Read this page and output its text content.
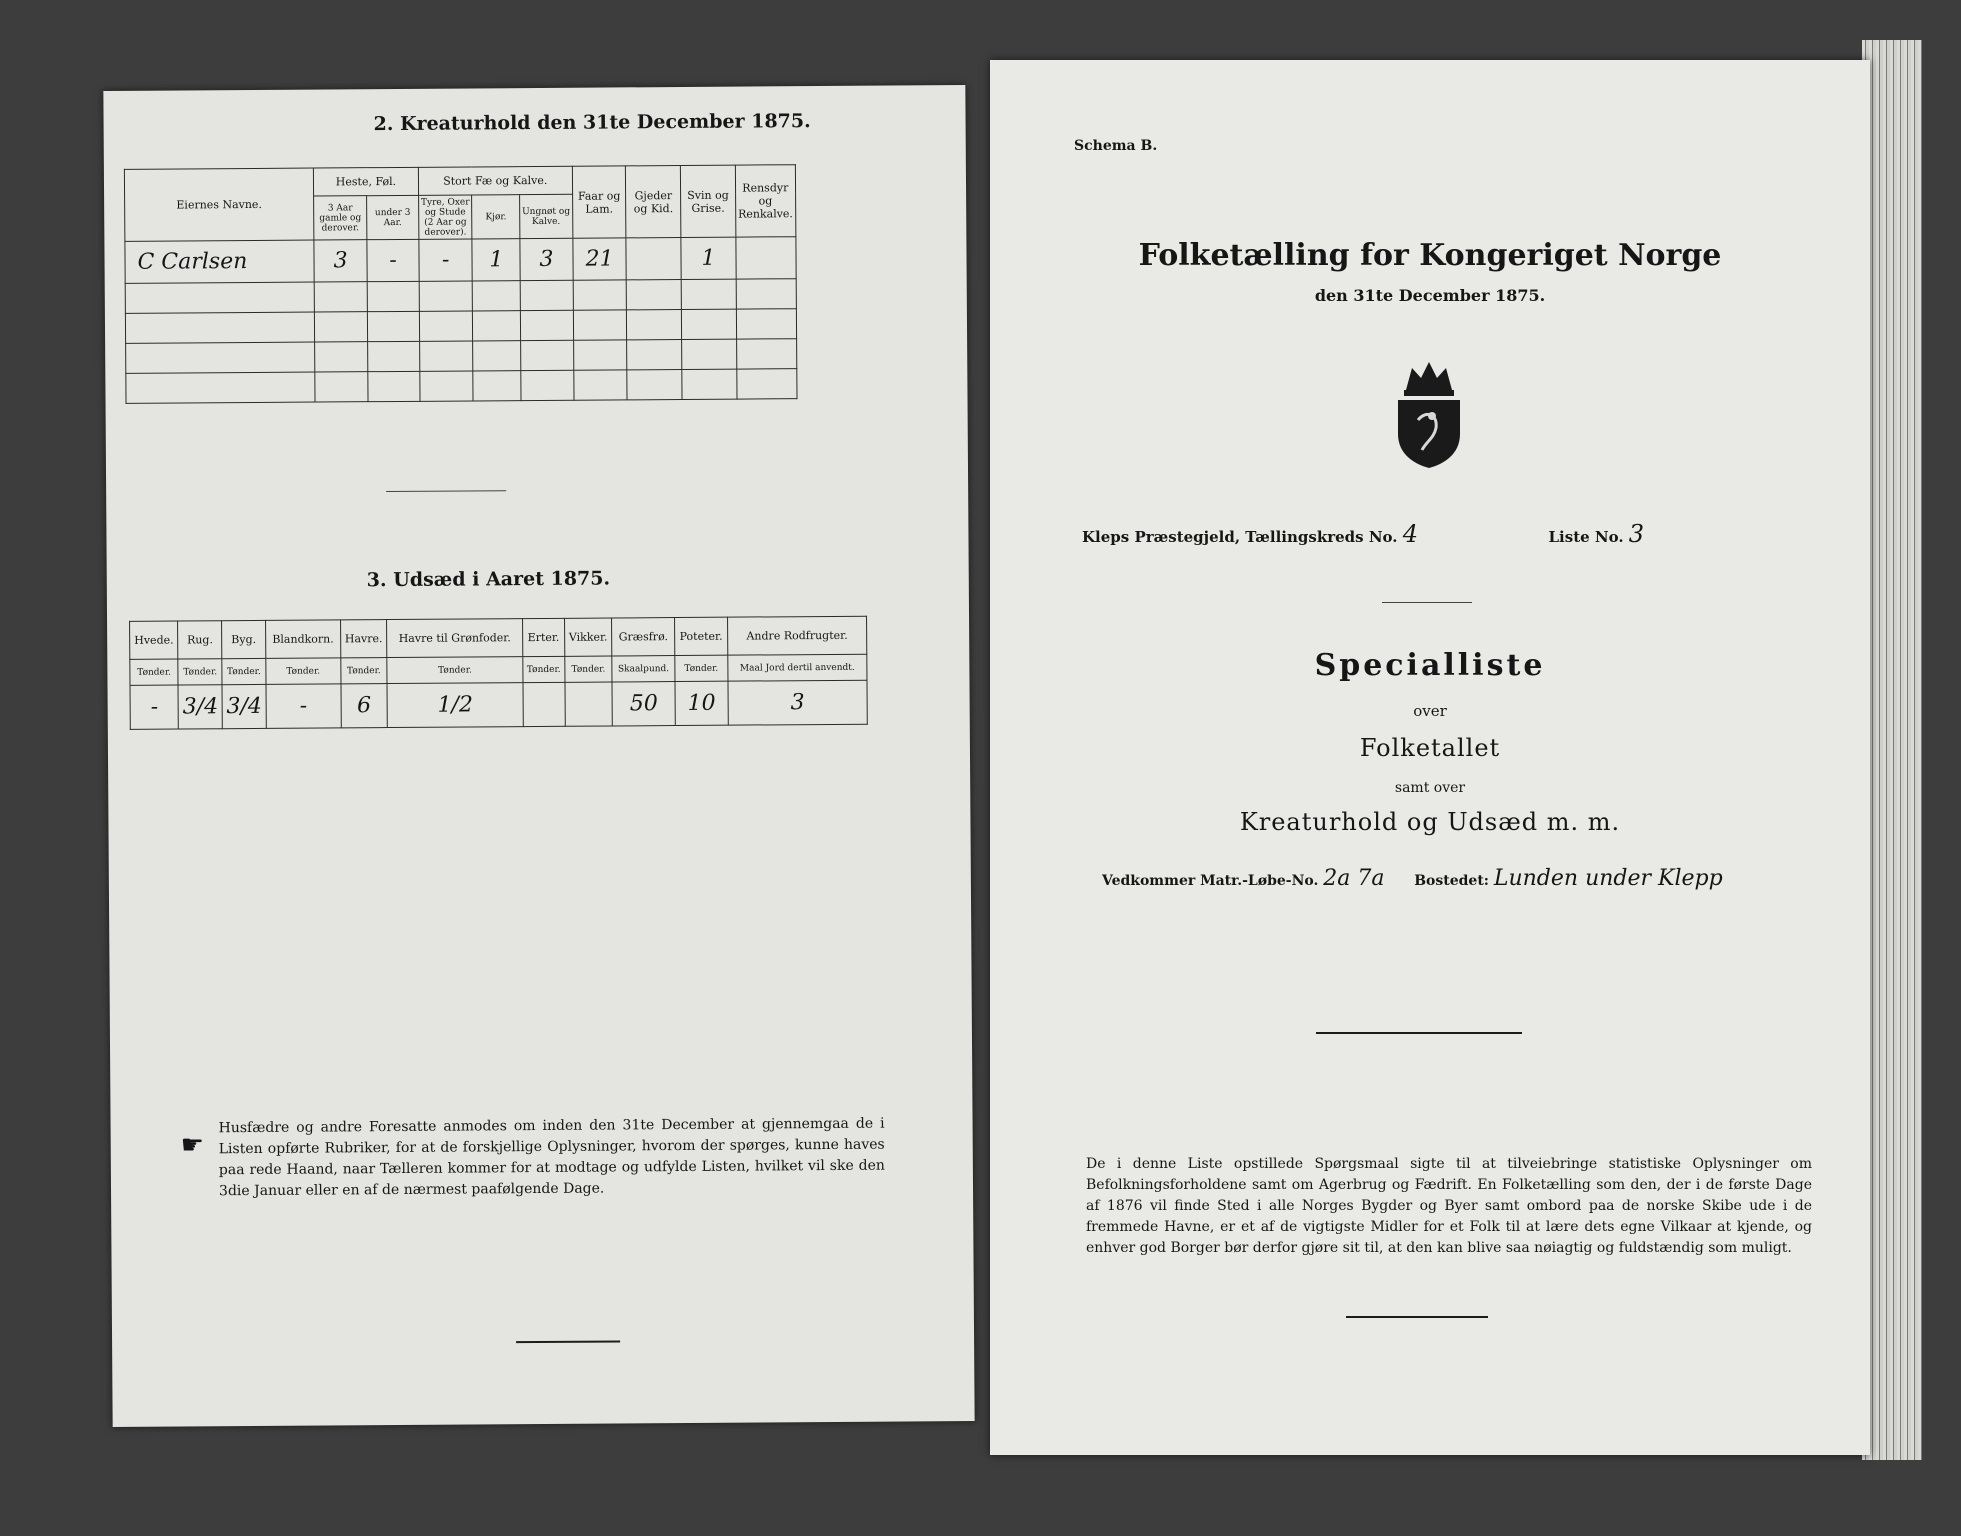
2. Kreaturhold den 31te December 1875.
Eiernes Navne.	Heste, Føl.		Stort Fæ og Kalve.			Faar og Lam.	Gjeder og Kid.	Svin og Grise.	Rensdyr og Renkalve.
	3 Aar gamle og derover.	under 3 Aar.	Tyre, Oxer og Stude (2 Aar og derover).	Kjør.	Ungnøt og Kalve.				
C Carlsen	3	-	-	1	3	21		1	

3. Udsæd i Aaret 1875.
Hvede.	Rug.	Byg.	Blandkorn.	Havre.	Havre til Grønfoder.	Erter.	Vikker.	Græsfrø.	Poteter.	Andre Rodfrugter.
Tønder.	Tønder.	Tønder.	Tønder.	Tønder.	Tønder.	Tønder.	Tønder.	Skaalpund.	Tønder.	Maal Jord dertil anvendt.
-	3/4	3/4	-	6	1/2			50	10	3
☛
Husfædre og andre Foresatte anmodes om inden den 31te December at gjennemgaa de i Listen opførte Rubriker, for at de forskjellige Oplysninger, hvorom der spørges, kunne haves paa rede Haand, naar Tælleren kommer for at modtage og udfylde Listen, hvilket vil ske den 3die Januar eller en af de nærmest paafølgende Dage.
Schema B.
Folketælling for Kongeriget Norge
den 31te December 1875.
Kleps Præstegjeld, Tællingskreds No. 4	Liste No. 3
Specialliste
over
Folketallet
samt over
Kreaturhold og Udsæd m. m.
Vedkommer Matr.-Løbe-No. 2a 7a Bostedet: Lunden under Klepp
De i denne Liste opstillede Spørgsmaal sigte til at tilveiebringe statistiske Oplysninger om Befolkningsforholdene samt om Agerbrug og Fædrift. En Folketælling som den, der i de første Dage af 1876 vil finde Sted i alle Norges Bygder og Byer samt ombord paa de norske Skibe ude i de fremmede Havne, er et af de vigtigste Midler for et Folk til at lære dets egne Vilkaar at kjende, og enhver god Borger bør derfor gjøre sit til, at den kan blive saa nøiagtig og fuldstændig som muligt.
